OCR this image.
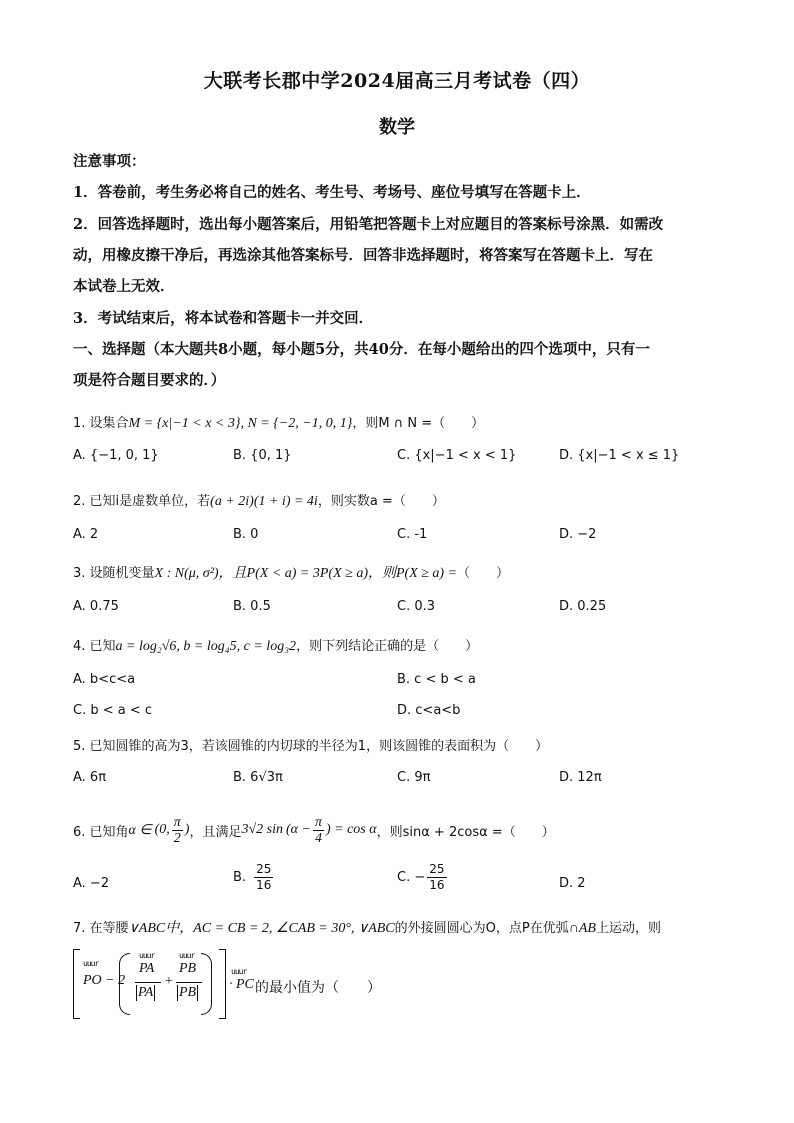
大联考长郡中学2024届高三月考试卷（四）
数学
注意事项：
1．答卷前，考生务必将自己的姓名、考生号、考场号、座位号填写在答题卡上．
2．回答选择题时，选出每小题答案后，用铅笔把答题卡上对应题目的答案标号涂黑．如需改
动，用橡皮擦干净后，再选涂其他答案标号．回答非选择题时，将答案写在答题卡上．写在
本试卷上无效．
3．考试结束后，将本试卷和答题卡一并交回．
一、选择题（本大题共8小题，每小题5分，共40分．在每小题给出的四个选项中，只有一
项是符合题目要求的．）
1. 设集合M = {x|−1 < x < 3}, N = {−2, −1, 0, 1}，则M ∩ N =（　　）
A. {−1, 0, 1}	B. {0, 1}	C. {x|−1 < x < 1}	D. {x|−1 < x ≤ 1}
2. 已知i是虚数单位，若(a + 2i)(1 + i) = 4i，则实数a =（　　）
A. 2	B. 0	C. -1	D. −2
3. 设随机变量X : N(μ, σ²)，且P(X < a) = 3P(X ≥ a)，则P(X ≥ a) =（　　）
A. 0.75	B. 0.5	C. 0.3	D. 0.25
4. 已知a = log₂√6, b = log₄5, c = log₃2，则下列结论正确的是（　　）
A. b<c<a	B. c < b < a
C. b < a < c	D. c<a<b
5. 已知圆锥的高为3，若该圆锥的内切球的半径为1，则该圆锥的表面积为（　　）
A. 6π	B. 6√3π	C. 9π	D. 12π
6. 已知角 α ∈ (0, $\frac{\pi}{2}$ ) ，且满足 3√2 $\sin (\alpha - \frac{\pi}{4}$ ) = cos α ，则sinα + 2cosα =（　　）
A. −2	B. $\frac{25}{16}$	C. − $\frac{25}{16}$	D. 2
7. 在等腰∨ABC中，AC = CB = 2, ∠CAB = 30°, ∨ABC的外接圆圆心为O，点P在优弧∩AB上运动，则
uuur
PO − 2
uuur
PA
PA
+
uuur
PB
PB
uuur
· PC 的最小值为（　　）
